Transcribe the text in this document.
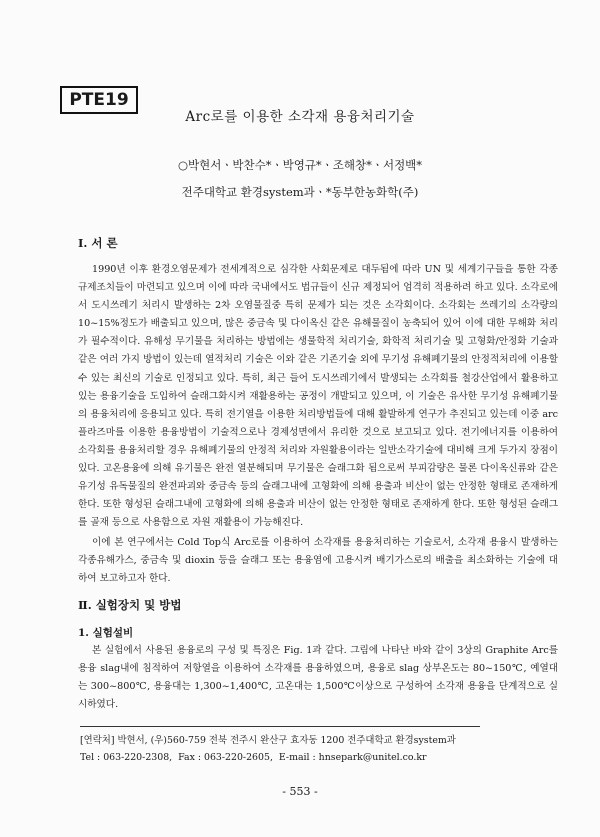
PTE19
Arc로를 이용한 소각재 용융처리기술
○박현서ㆍ박찬수*ㆍ박영규*ㆍ조해창*ㆍ서정백*
전주대학교 환경system과ㆍ*동부한농화학(주)
Ⅰ. 서 론
1990년 이후 환경오염문제가 전세계적으로 심각한 사회문제로 대두됨에 따라 UN 및 세계기구들을 통한 각종 규제조치들이 마련되고 있으며 이에 따라 국내에서도 법규들이 신규 제정되어 엄격히 적용하려 하고 있다. 소각로에서 도시쓰레기 처리시 발생하는 2차 오염물질중 특히 문제가 되는 것은 소각회이다. 소각회는 쓰레기의 소각량의 10~15%정도가 배출되고 있으며, 많은 중금속 및 다이옥신 같은 유해물질이 농축되어 있어 이에 대한 무해화 처리가 필수적이다. 유해성 무기물을 처리하는 방법에는 생물학적 처리기술, 화학적 처리기술 및 고형화/안정화 기술과 같은 여러 가지 방법이 있는데 열적처리 기술은 이와 같은 기존기술 외에 무기성 유해폐기물의 안정적처리에 이용할 수 있는 최신의 기술로 인정되고 있다. 특히, 최근 들어 도시쓰레기에서 발생되는 소각회를 철강산업에서 활용하고 있는 용융기술을 도입하여 슬래그화시켜 재활용하는 공정이 개발되고 있으며, 이 기술은 유사한 무기성 유해폐기물의 용융처리에 응용되고 있다. 특히 전기열을 이용한 처리방법들에 대해 활발하게 연구가 추진되고 있는데 이중 arc 플라즈마를 이용한 용융방법이 기술적으로나 경제성면에서 유리한 것으로 보고되고 있다. 전기에너지를 이용하여 소각회를 용융처리할 경우 유해폐기물의 안정적 처리와 자원활용이라는 일반소각기술에 대비해 크게 두가지 장점이 있다. 고온용융에 의해 유기물은 완전 열분해되며 무기물은 슬래그화 됨으로써 부피감량은 물론 다이옥신류와 같은 유기성 유독물질의 완전파괴와 중금속 등의 슬래그내에 고형화에 의해 용출과 비산이 없는 안정한 형태로 존재하게 한다. 또한 형성된 슬래그내에 고형화에 의해 용출과 비산이 없는 안정한 형태로 존재하게 한다. 또한 형성된 슬래그를 골재 등으로 사용함으로 자원 재활용이 가능해진다.
이에 본 연구에서는 Cold Top식 Arc로를 이용하여 소각재를 용융처리하는 기술로서, 소각재 용융시 발생하는 각종유해가스, 중금속 및 dioxin 등을 슬래그 또는 용융염에 고용시켜 배기가스로의 배출을 최소화하는 기술에 대하여 보고하고자 한다.
Ⅱ. 실험장치 및 방법
1. 실험설비
본 실험에서 사용된 용융로의 구성 및 특징은 Fig. 1과 같다. 그림에 나타난 바와 같이 3상의 Graphite Arc를 용융 slag내에 침적하여 저항열을 이용하여 소각재를 용융하였으며, 용융로 slag 상부온도는 80~150℃, 예열대는 300~800℃, 용융대는 1,300~1,400℃, 고온대는 1,500℃이상으로 구성하여 소각재 용융을 단계적으로 실시하였다.
[연락처] 박현서, (우)560-759 전북 전주시 완산구 효자동 1200 전주대학교 환경system과
Tel : 063-220-2308,  Fax : 063-220-2605,  E-mail : hnsepark@unitel.co.kr
- 553 -
